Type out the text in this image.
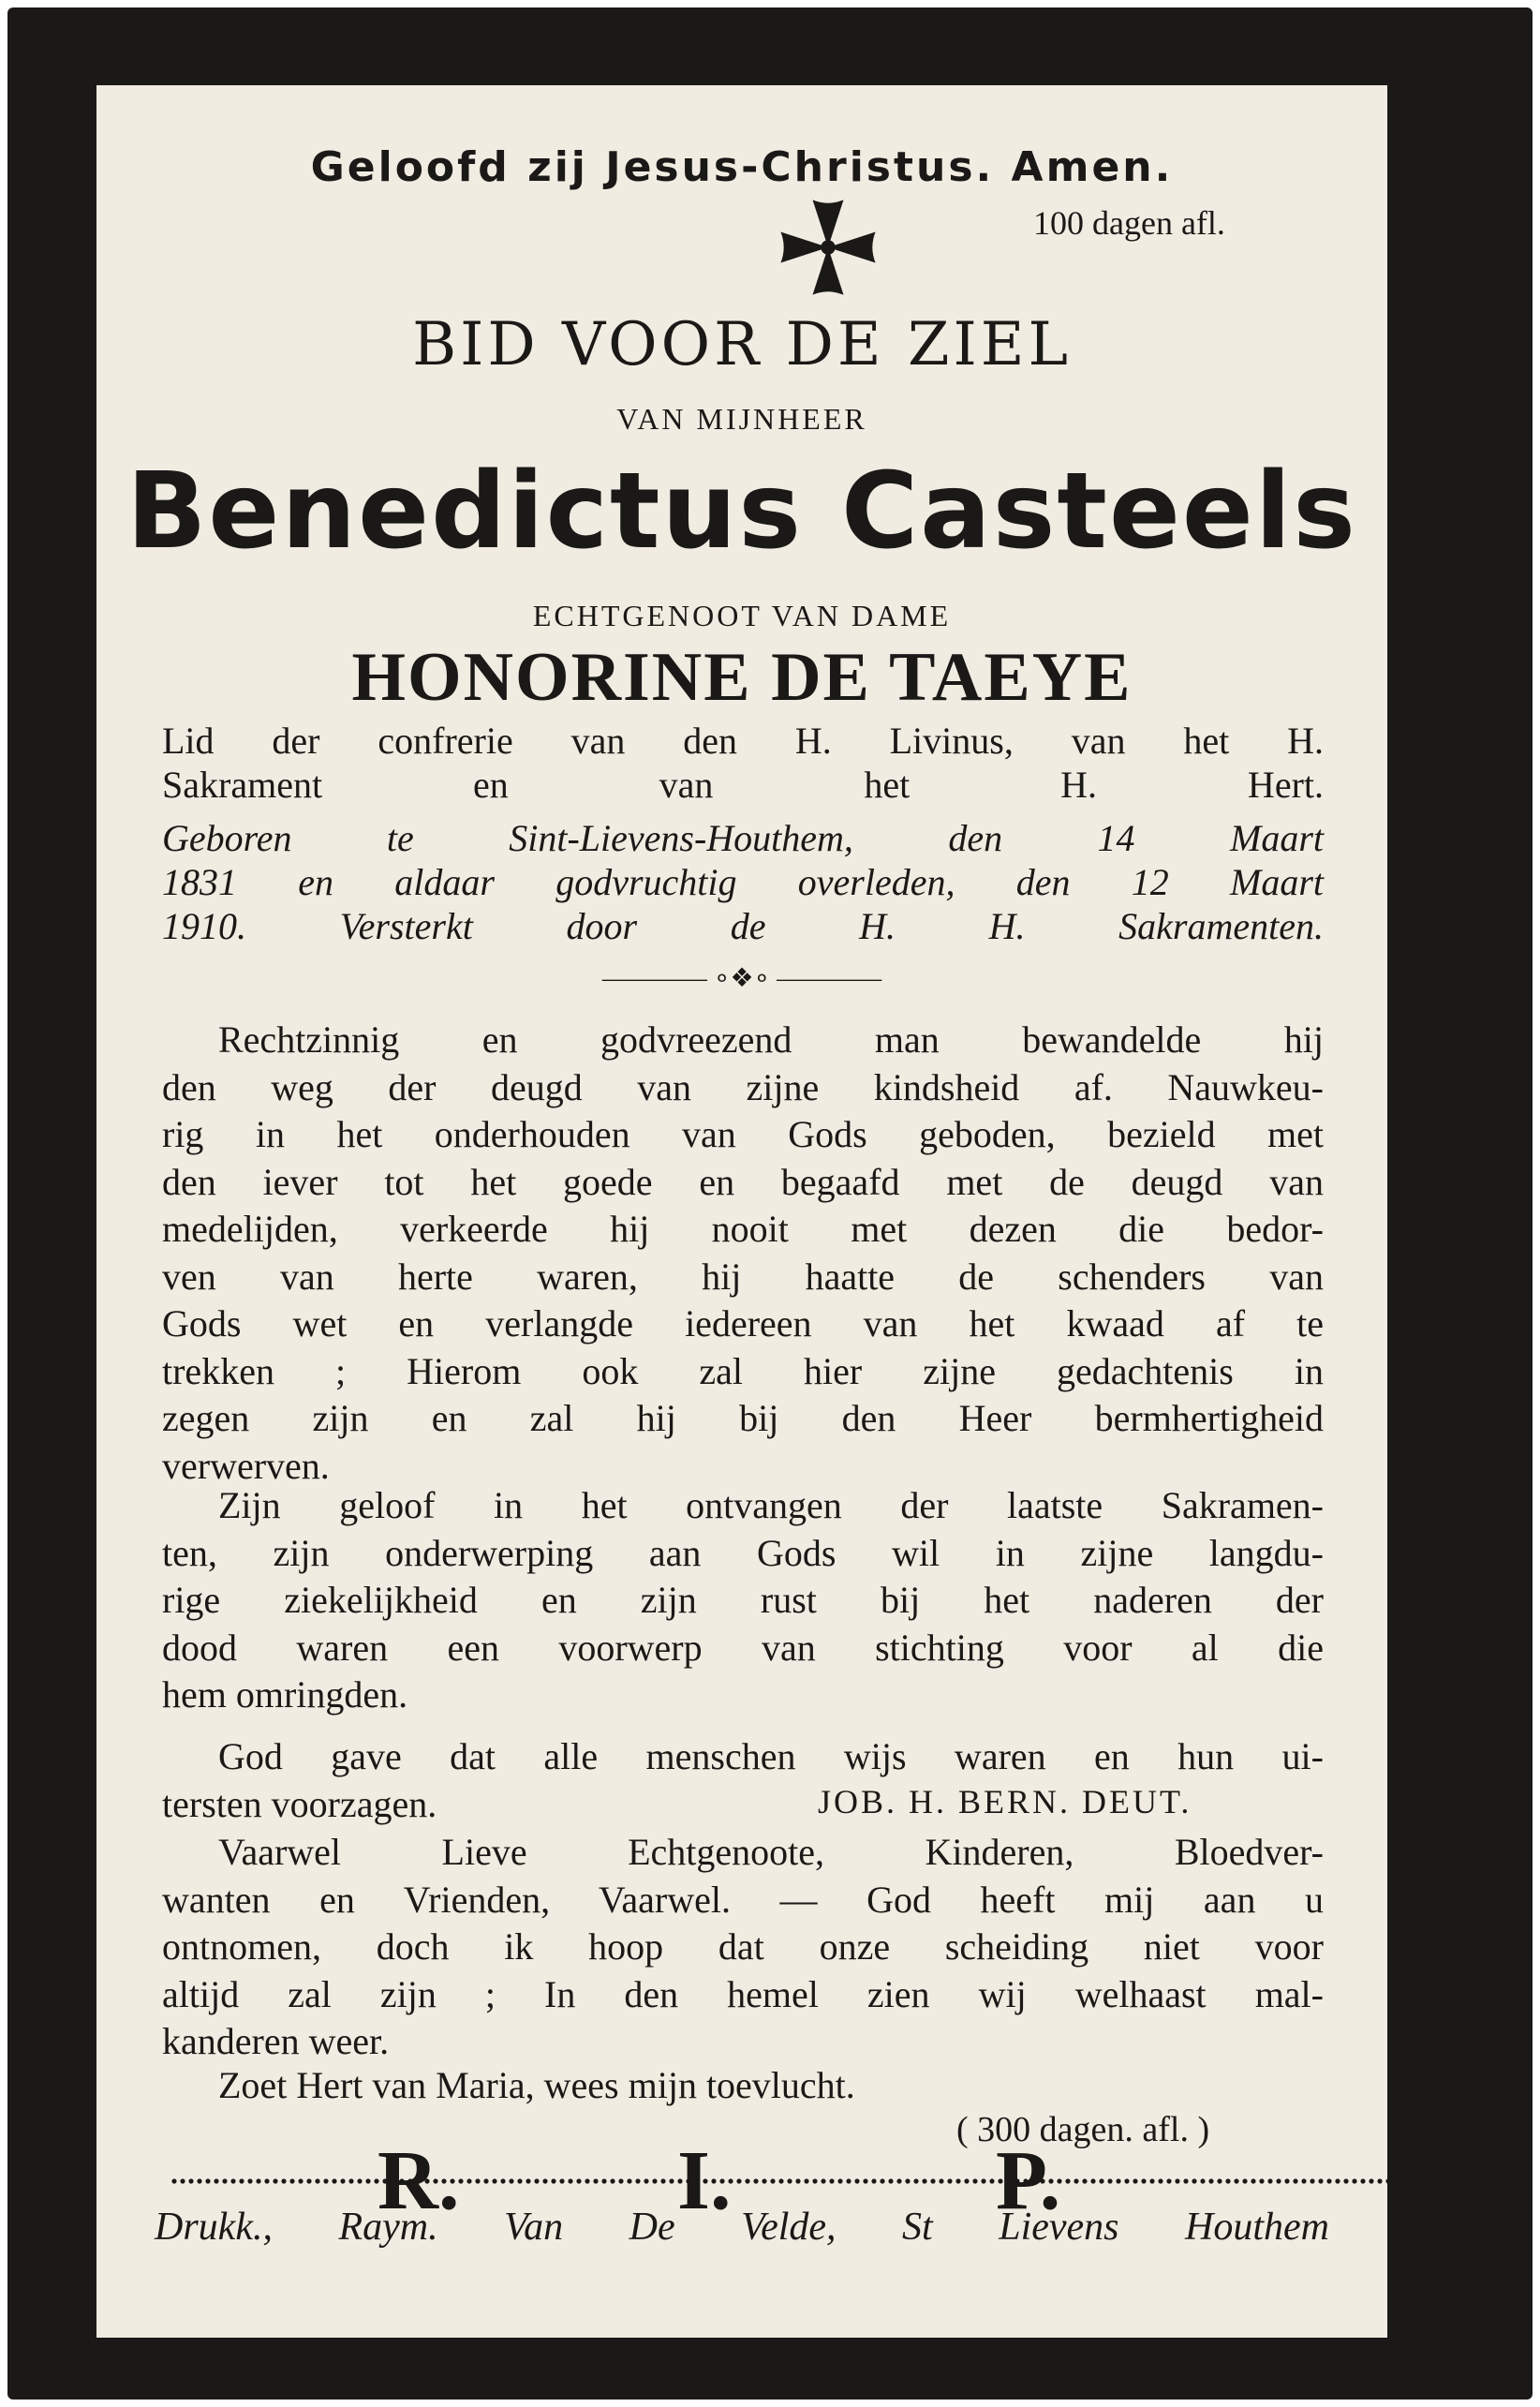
Geloofd zij Jesus-Christus. Amen.
100 dagen afl.
BID VOOR DE ZIEL
VAN MIJNHEER
Benedictus Casteels
ECHTGENOOT VAN DAME
HONORINE DE TAEYE
Lid der confrerie van den H. Livinus, van het H.
Sakrament en van het H. Hert.
Geboren te Sint-Lievens-Houthem, den 14 Maart
1831 en aldaar godvruchtig overleden, den 12 Maart
1910. Versterkt door de H. H. Sakramenten.
———— ∘❖∘ ————
Rechtzinnig en godvreezend man bewandelde hij
den weg der deugd van zijne kindsheid af. Nauwkeu-
rig in het onderhouden van Gods geboden, bezield met
den iever tot het goede en begaafd met de deugd van
medelijden, verkeerde hij nooit met dezen die bedor-
ven van herte waren, hij haatte de schenders van
Gods wet en verlangde iedereen van het kwaad af te
trekken ; Hierom ook zal hier zijne gedachtenis in
zegen zijn en zal hij bij den Heer bermhertigheid
verwerven.
Zijn geloof in het ontvangen der laatste Sakramen-
ten, zijn onderwerping aan Gods wil in zijne langdu-
rige ziekelijkheid en zijn rust bij het naderen der
dood waren een voorwerp van stichting voor al die
hem omringden.
God gave dat alle menschen wijs waren en hun ui-
tersten voorzagen.
Vaarwel Lieve Echtgenoote, Kinderen, Bloedver-
wanten en Vrienden, Vaarwel. — God heeft mij aan u
ontnomen, doch ik hoop dat onze scheiding niet voor
altijd zal zijn ; In den hemel zien wij welhaast mal-
kanderen weer.
JOB. H. BERN. DEUT.
Zoet Hert van Maria, wees mijn toevlucht.
( 300 dagen. afl. )
Drukk., Raym. Van De Velde, St Lievens Houthem
R.	I.	P.
